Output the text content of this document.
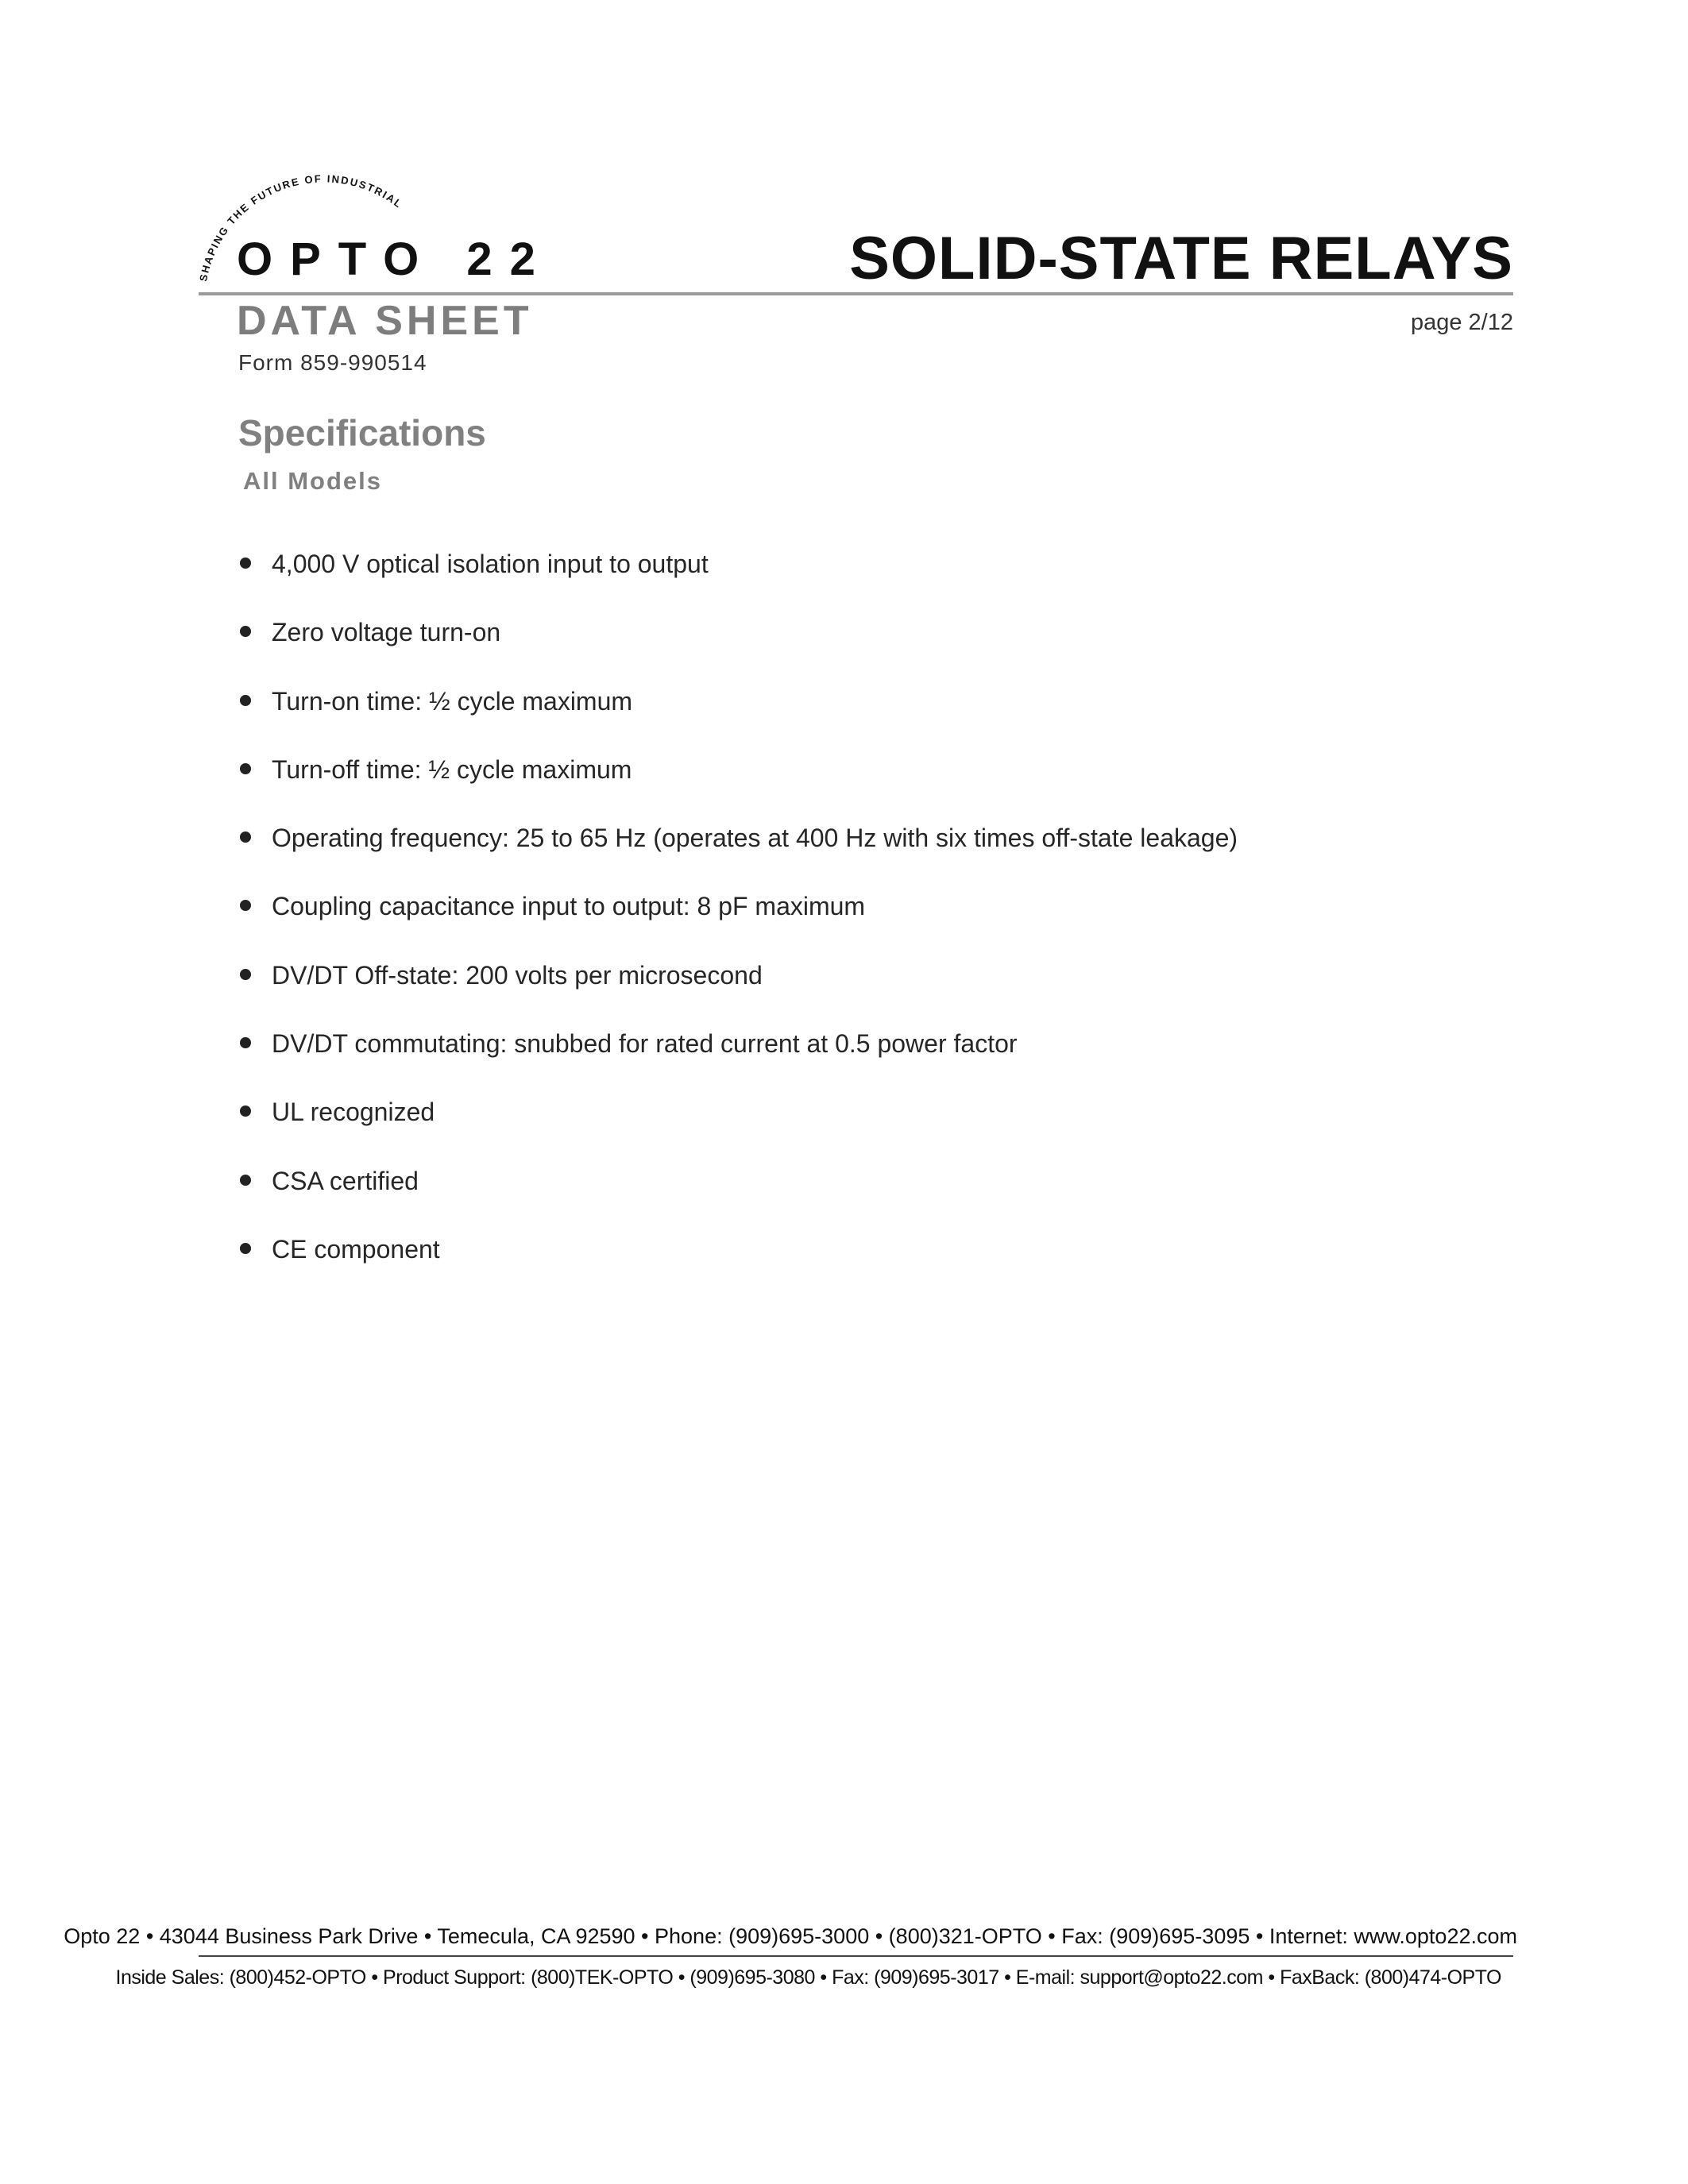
SHAPING THE FUTURE OF INDUSTRIAL AUTOMATION
OPTO 22	SOLID-STATE RELAYS
DATA SHEET	page 2/12
Form 859-990514
Specifications
All Models
4,000 V optical isolation input to output
Zero voltage turn-on
Turn-on time: ½ cycle maximum
Turn-off time: ½ cycle maximum
Operating frequency: 25 to 65 Hz (operates at 400 Hz with six times off-state leakage)
Coupling capacitance input to output: 8 pF maximum
DV/DT Off-state: 200 volts per microsecond
DV/DT commutating: snubbed for rated current at 0.5 power factor
UL recognized
CSA certified
CE component
Opto 22 • 43044 Business Park Drive • Temecula, CA 92590 • Phone: (909)695-3000 • (800)321-OPTO • Fax: (909)695-3095 • Internet: www.opto22.com
Inside Sales: (800)452-OPTO • Product Support: (800)TEK-OPTO • (909)695-3080 • Fax: (909)695-3017 • E-mail: support@opto22.com • FaxBack: (800)474-OPTO
